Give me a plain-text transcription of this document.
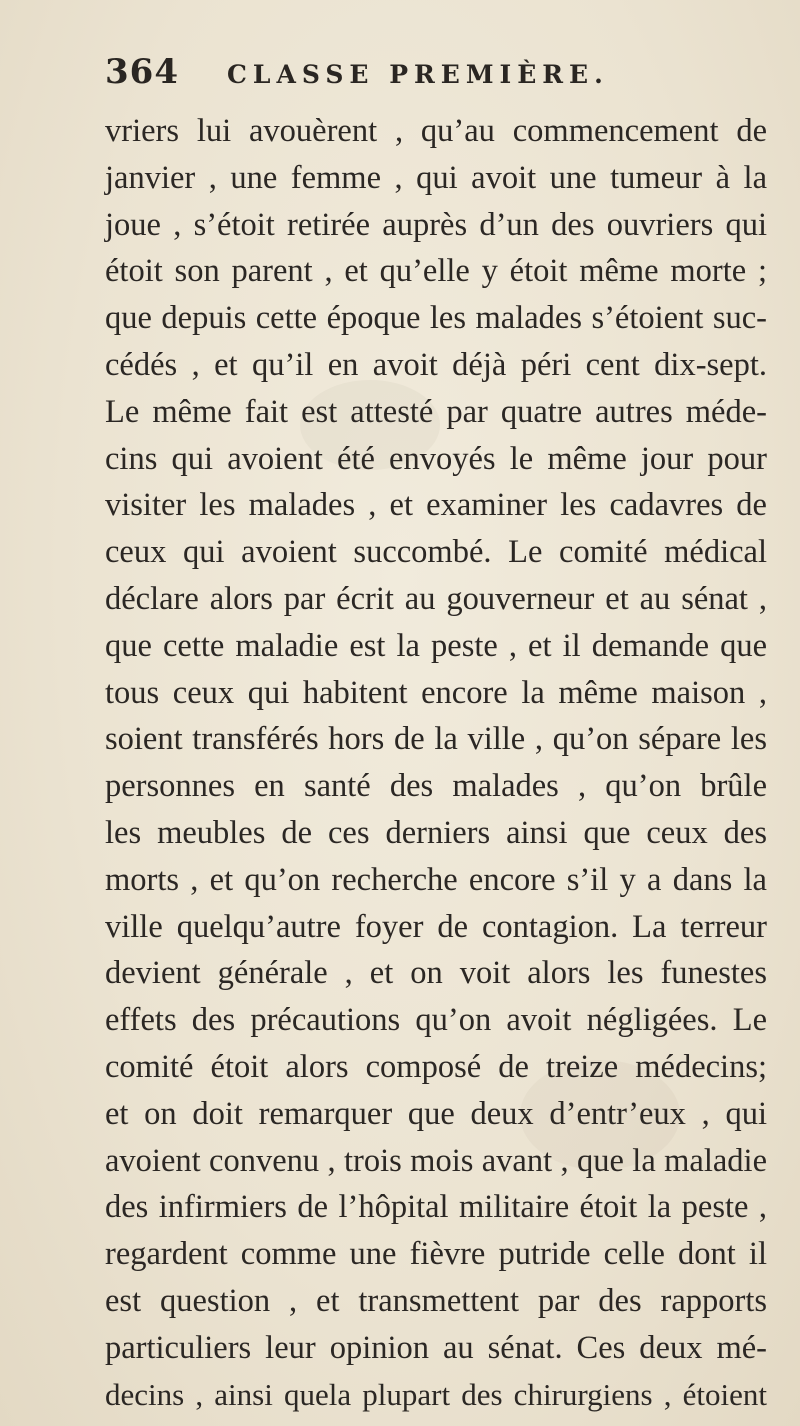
364 CLASSE PREMIÈRE.
vriers lui avouèrent , qu’au commencement de
janvier , une femme , qui avoit une tumeur à la
joue , s’étoit retirée auprès d’un des ouvriers qui
étoit son parent , et qu’elle y étoit même morte ;
que depuis cette époque les malades s’étoient suc-
cédés , et qu’il en avoit déjà péri cent dix-sept.
Le même fait est attesté par quatre autres méde-
cins qui avoient été envoyés le même jour pour
visiter les malades , et examiner les cadavres de
ceux qui avoient succombé. Le comité médical
déclare alors par écrit au gouverneur et au sénat ,
que cette maladie est la peste , et il demande que
tous ceux qui habitent encore la même maison ,
soient transférés hors de la ville , qu’on sépare les
personnes en santé des malades , qu’on brûle
les meubles de ces derniers ainsi que ceux des
morts , et qu’on recherche encore s’il y a dans la
ville quelqu’autre foyer de contagion. La terreur
devient générale , et on voit alors les funestes
effets des précautions qu’on avoit négligées. Le
comité étoit alors composé de treize médecins;
et on doit remarquer que deux d’entr’eux , qui
avoient convenu , trois mois avant , que la maladie
des infirmiers de l’hôpital militaire étoit la peste ,
regardent comme une fièvre putride celle dont il
est question , et transmettent par des rapports
particuliers leur opinion au sénat. Ces deux mé-
decins , ainsi quela plupart des chirurgiens , étoient
